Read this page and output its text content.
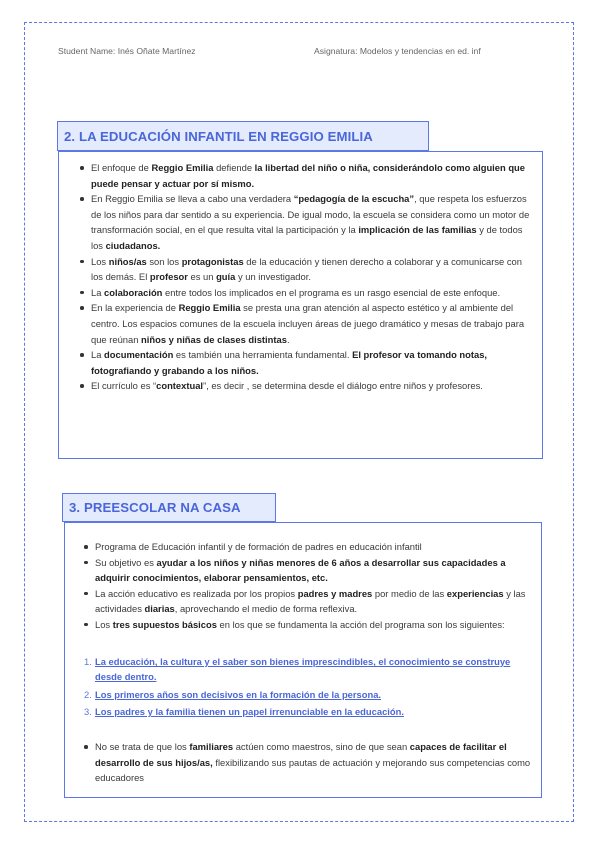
Student Name: Inés Oñate Martínez	Asignatura: Modelos y tendencias en ed. inf
2. LA EDUCACIÓN INFANTIL EN REGGIO EMILIA
El enfoque de Reggio Emilia defiende la libertad del niño o niña, considerándolo como alguien que puede pensar y actuar por sí mismo.
En Reggio Emilia se lleva a cabo una verdadera “pedagogía de la escucha”, que respeta los esfuerzos de los niños para dar sentido a su experiencia. De igual modo, la escuela se considera como un motor de transformación social, en el que resulta vital la participación y la implicación de las familias y de todos los ciudadanos.
Los niños/as son los protagonistas de la educación y tienen derecho a colaborar y a comunicarse con los demás. El profesor es un guía y un investigador.
La colaboración entre todos los implicados en el programa es un rasgo esencial de este enfoque.
En la experiencia de Reggio Emilia se presta una gran atención al aspecto estético y al ambiente del centro. Los espacios comunes de la escuela incluyen áreas de juego dramático y mesas de trabajo para que reúnan niños y niñas de clases distintas.
La documentación es también una herramienta fundamental. El profesor va tomando notas, fotografiando y grabando a los niños.
El currículo es “contextual”, es decir , se determina desde el diálogo entre niños y profesores.
3. PREESCOLAR NA CASA
Programa de Educación infantil y de formación de padres en educación infantil
Su objetivo es ayudar a los niños y niñas menores de 6 años a desarrollar sus capacidades a adquirir conocimientos, elaborar pensamientos, etc.
La acción educativo es realizada por los propios padres y madres por medio de las experiencias y las actividades diarias, aprovechando el medio de forma reflexiva.
Los tres supuestos básicos en los que se fundamenta la acción del programa son los siguientes:
1. La educación, la cultura y el saber son bienes imprescindibles, el conocimiento se construye desde dentro.
2. Los primeros años son decisivos en la formación de la persona.
3. Los padres y la familia tienen un papel irrenunciable en la educación.
No se trata de que los familiares actúen como maestros, sino de que sean capaces de facilitar el desarrollo de sus hijos/as, flexibilizando sus pautas de actuación y mejorando sus competencias como educadores
